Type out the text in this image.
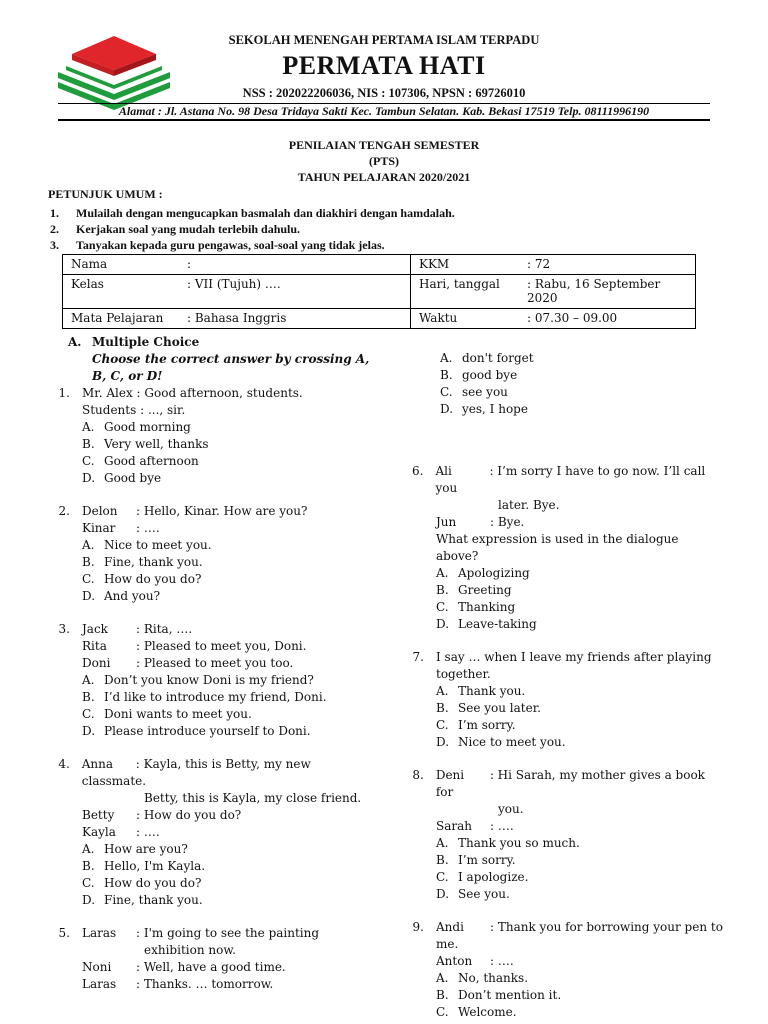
SEKOLAH MENENGAH PERTAMA ISLAM TERPADU
PERMATA HATI
NSS : 202022206036, NIS : 107306, NPSN : 69726010
Alamat : Jl. Astana No. 98 Desa Tridaya Sakti Kec. Tambun Selatan. Kab. Bekasi 17519 Telp. 08111996190
PENILAIAN TENGAH SEMESTER
(PTS)
TAHUN PELAJARAN 2020/2021
PETUNJUK UMUM :
1.	Mulailah dengan mengucapkan basmalah dan diakhiri dengan hamdalah.
2.	Kerjakan soal yang mudah terlebih dahulu.
3.	Tanyakan kepada guru pengawas, soal-soal yang tidak jelas.
Nama :	KKM : 72

Kelas : VII (Tujuh) ….	Hari, tanggal : Rabu, 16 September 2020

Mata Pelajaran : Bahasa Inggris	Waktu : 07.30 – 09.00
A. Multiple Choice
Choose the correct answer by crossing A, B, C, or D!
1.	Mr. Alex : Good afternoon, students.
Students : ..., sir.
A. Good morning
B. Very well, thanks
C. Good afternoon
D. Good bye
2.	Delon : Hello, Kinar. How are you?
Kinar : ….
A. Nice to meet you.
B. Fine, thank you.
C. How do you do?
D. And you?
3.	Jack : Rita, ….
Rita : Pleased to meet you, Doni.
Doni : Pleased to meet you too.
A. Don’t you know Doni is my friend?
B. I’d like to introduce my friend, Doni.
C. Doni wants to meet you.
D. Please introduce yourself to Doni.
4.	Anna : Kayla, this is Betty, my new classmate.
Betty, this is Kayla, my close friend.
Betty : How do you do?
Kayla : ….
A. How are you?
B. Hello, I'm Kayla.
C. How do you do?
D. Fine, thank you.
5.	Laras : I'm going to see the painting
exhibition now.
Noni : Well, have a good time.
Laras : Thanks. … tomorrow.
A. don't forget
B. good bye
C. see you
D. yes, I hope
6.	Ali	: I’m sorry I have to go now. I’ll call you
later. Bye.
Jun	: Bye.
What expression is used in the dialogue above?
A. Apologizing
B. Greeting
C. Thanking
D. Leave-taking
7.	I say … when I leave my friends after playing together.
A. Thank you.
B. See you later.
C. I’m sorry.
D. Nice to meet you.
8.	Deni : Hi Sarah, my mother gives a book for
you.
Sarah : ….
A. Thank you so much.
B. I’m sorry.
C. I apologize.
D. See you.
9.	Andi : Thank you for borrowing your pen to
me.
Anton : ….
A. No, thanks.
B. Don’t mention it.
C. Welcome.
